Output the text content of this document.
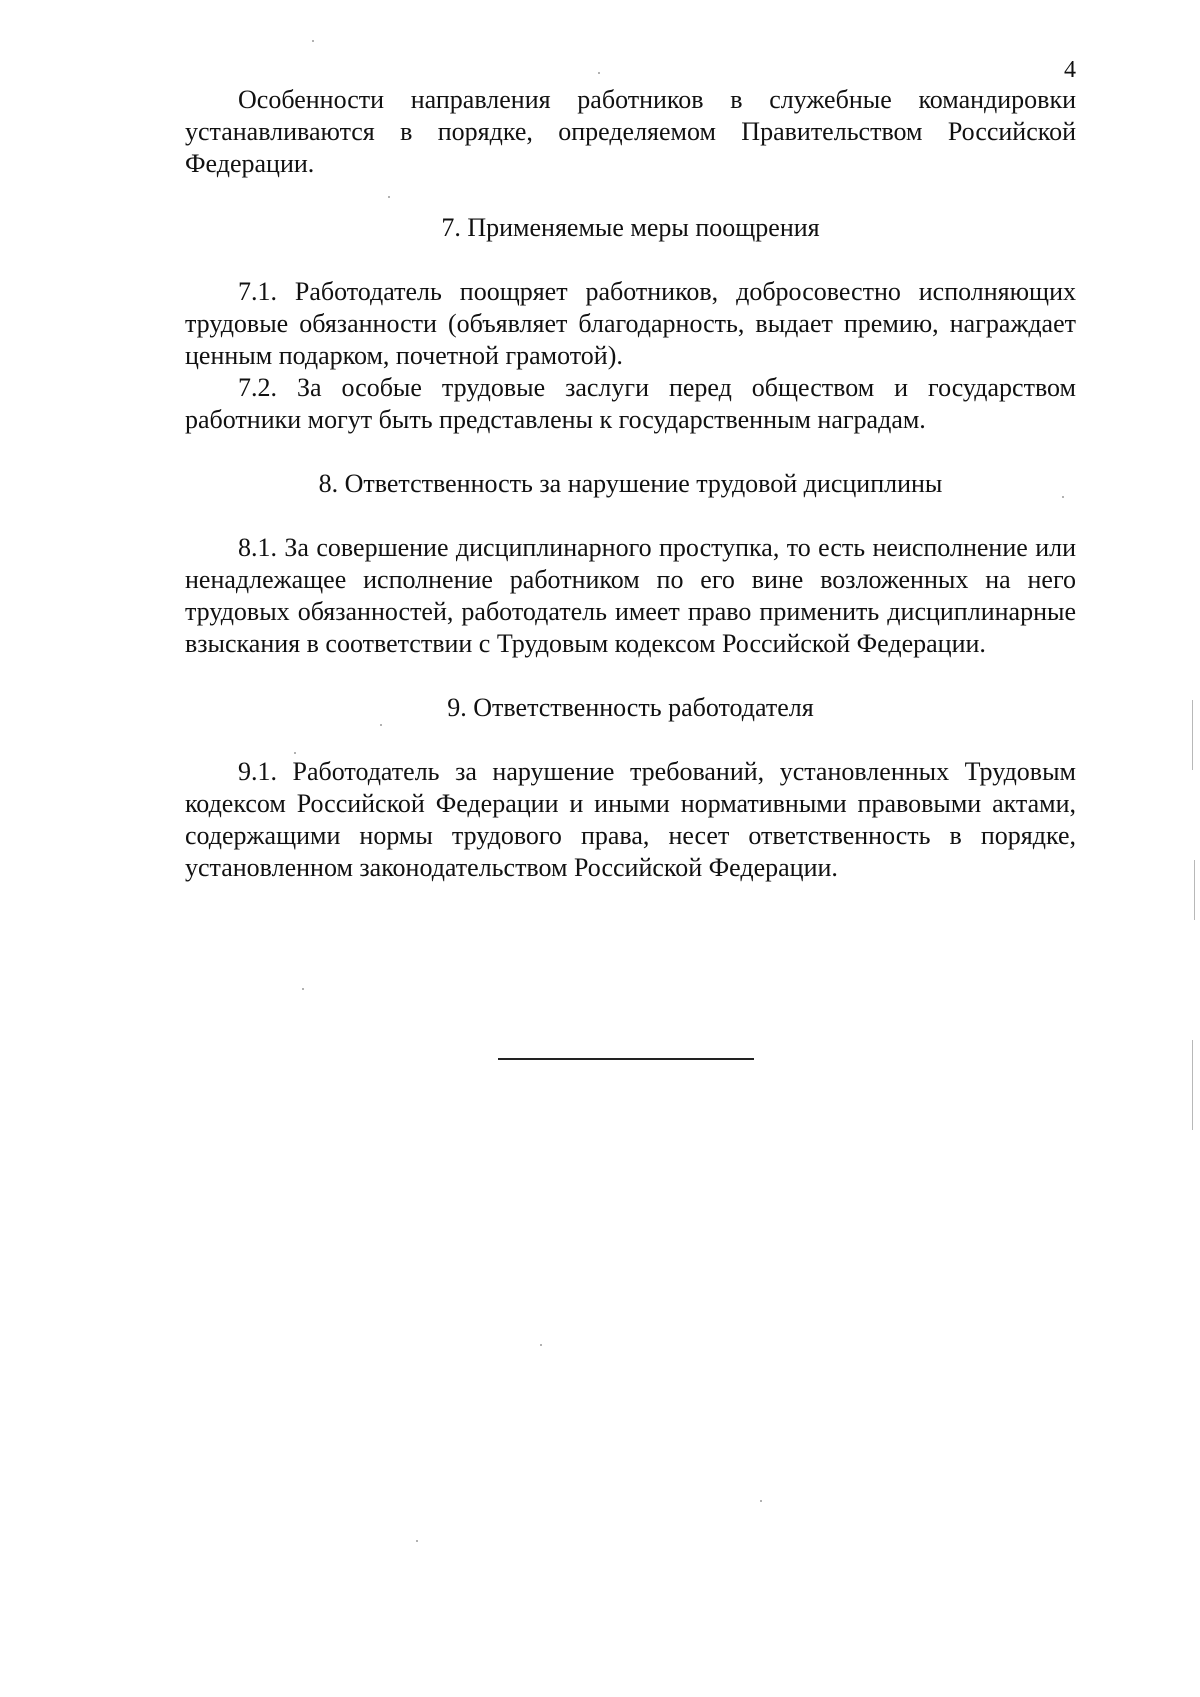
4

Особенности направления работников в служебные командировки устанавливаются в порядке, определяемом Правительством Российской Федерации.

7. Применяемые меры поощрения

7.1. Работодатель поощряет работников, добросовестно исполняющих трудовые обязанности (объявляет благодарность, выдает премию, награждает ценным подарком, почетной грамотой).

7.2. За особые трудовые заслуги перед обществом и государством работники могут быть представлены к государственным наградам.

8. Ответственность за нарушение трудовой дисциплины

8.1. За совершение дисциплинарного проступка, то есть неисполнение или ненадлежащее исполнение работником по его вине возложенных на него трудовых обязанностей, работодатель имеет право применить дисциплинарные взыскания в соответствии с Трудовым кодексом Российской Федерации.

9. Ответственность работодателя

9.1. Работодатель за нарушение требований, установленных Трудовым кодексом Российской Федерации и иными нормативными правовыми актами, содержащими нормы трудового права, несет ответственность в порядке, установленном законодательством Российской Федерации.
